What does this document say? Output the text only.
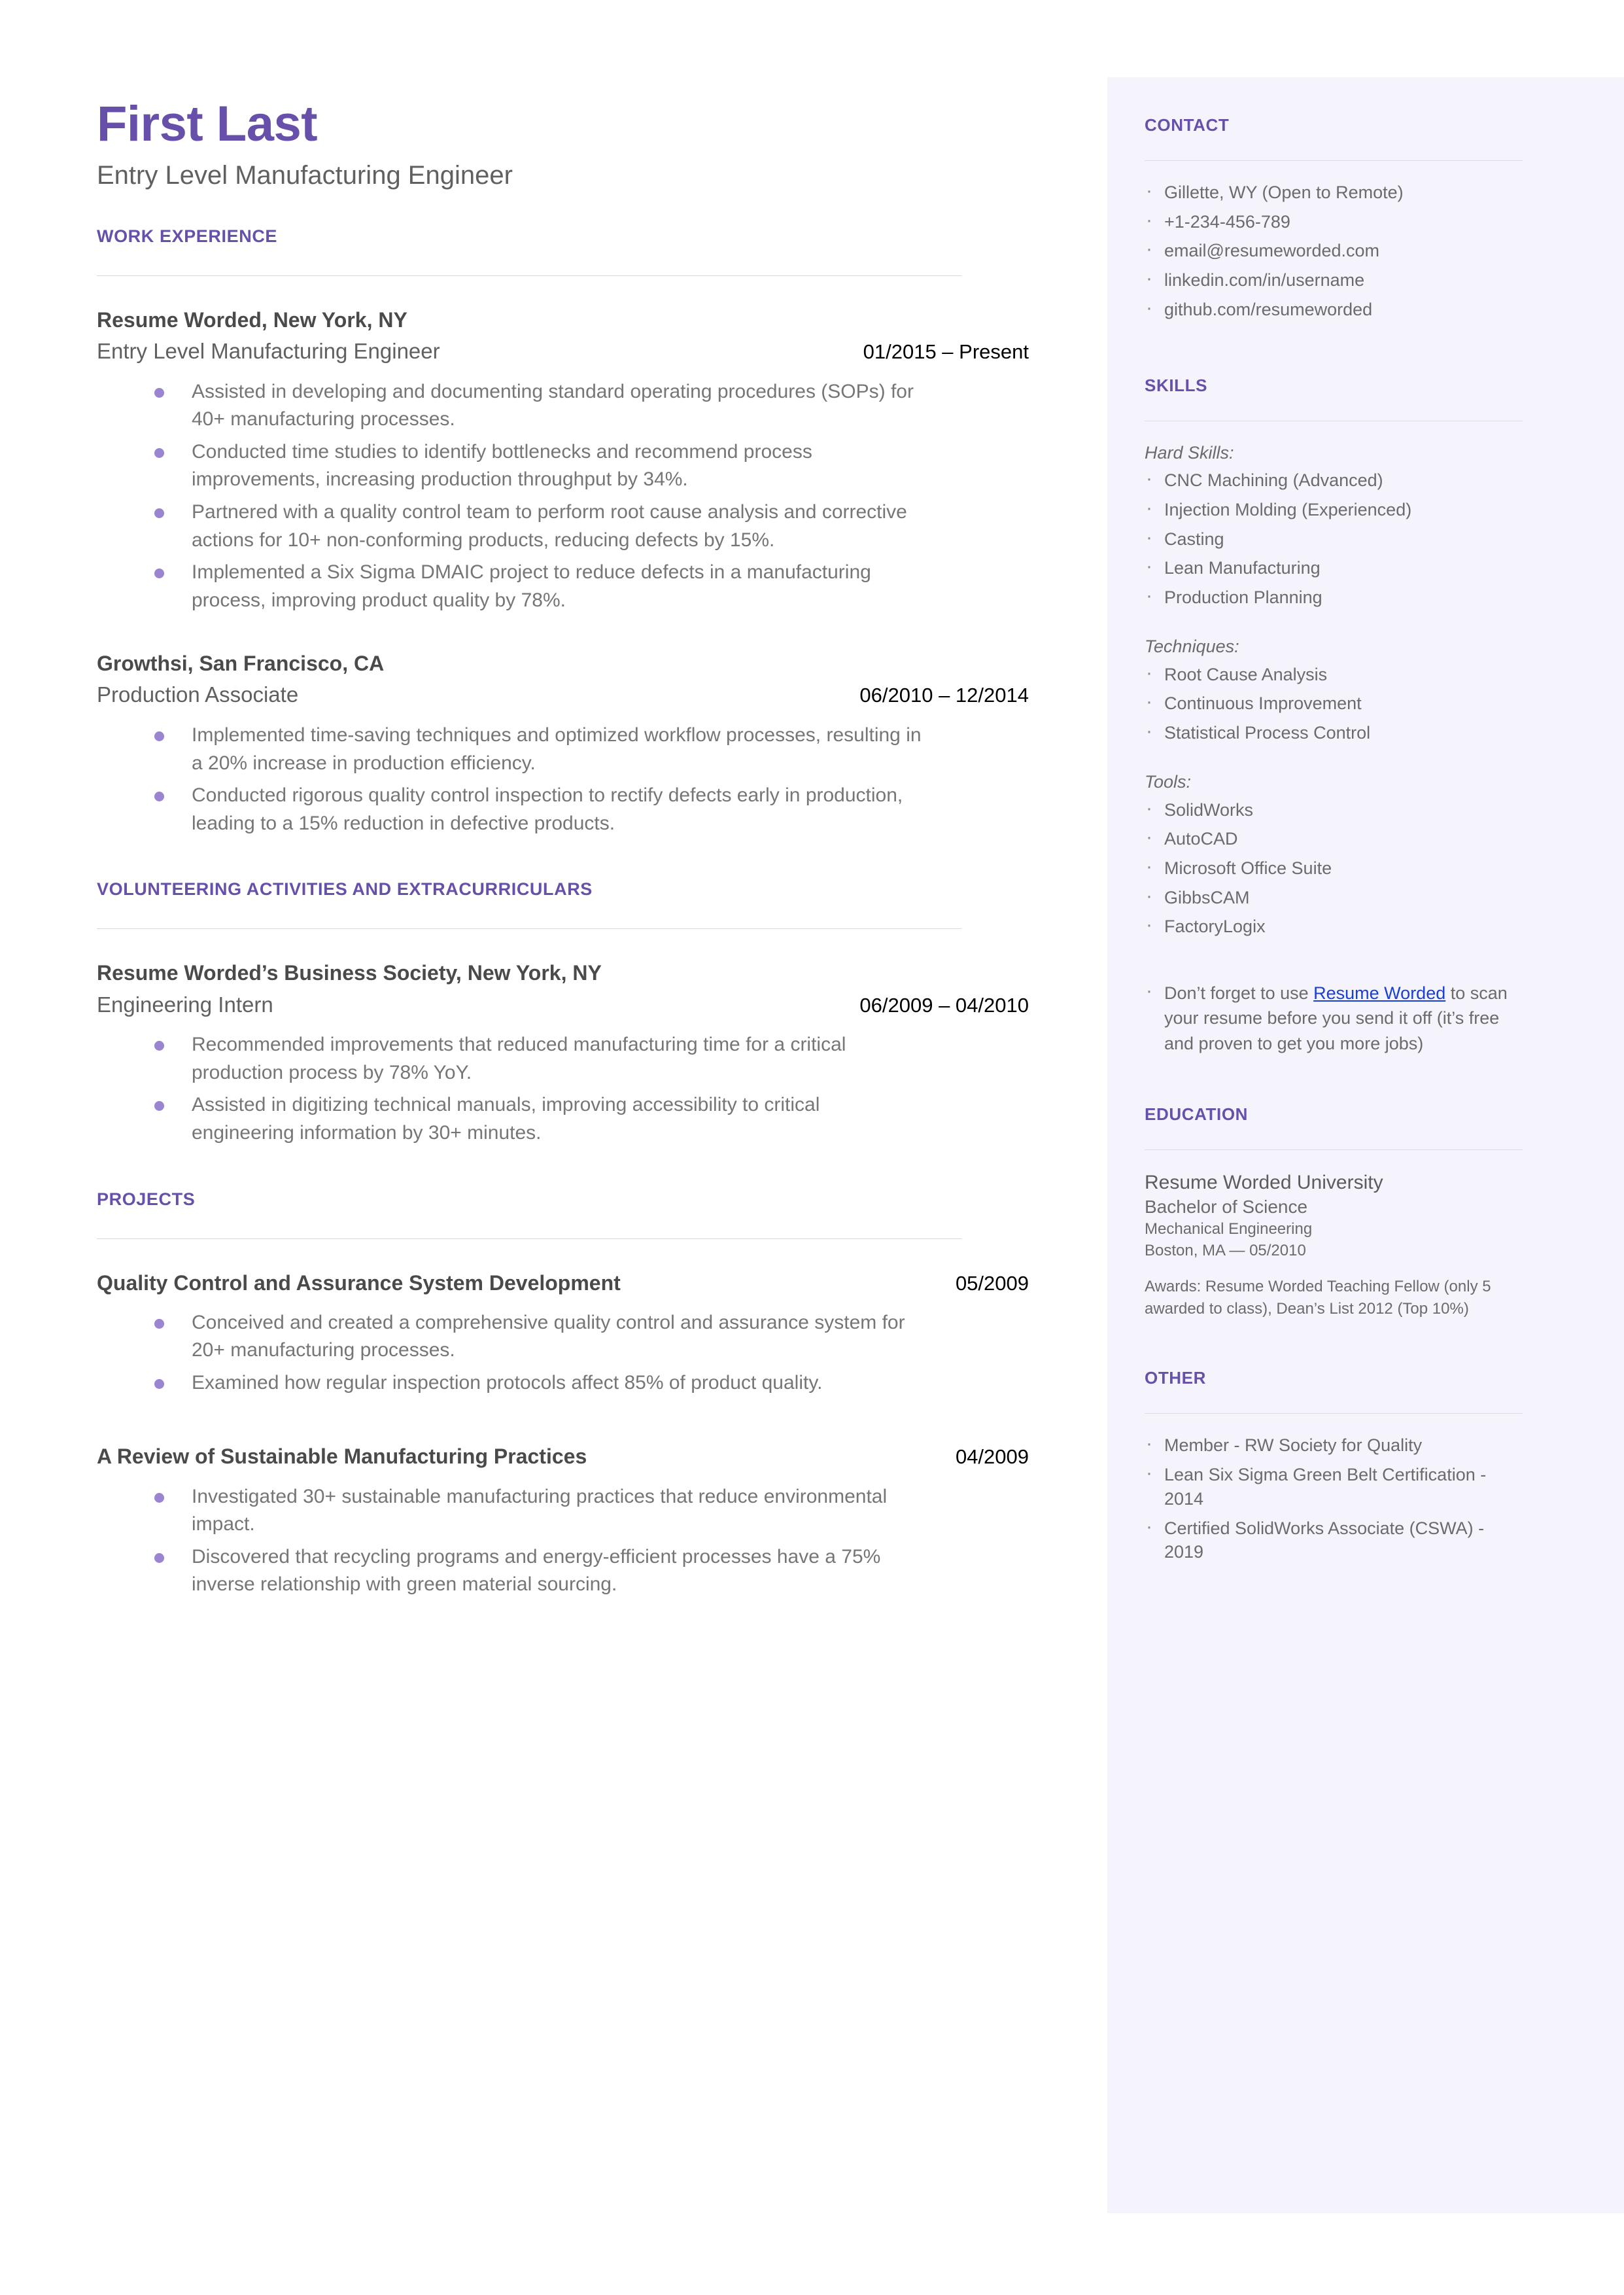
First Last
Entry Level Manufacturing Engineer
WORK EXPERIENCE
Resume Worded, New York, NY
Entry Level Manufacturing Engineer	01/2015 – Present
Assisted in developing and documenting standard operating procedures (SOPs) for 40+ manufacturing processes.
Conducted time studies to identify bottlenecks and recommend process improvements, increasing production throughput by 34%.
Partnered with a quality control team to perform root cause analysis and corrective actions for 10+ non-conforming products, reducing defects by 15%.
Implemented a Six Sigma DMAIC project to reduce defects in a manufacturing process, improving product quality by 78%.
Growthsi, San Francisco, CA
Production Associate	06/2010 – 12/2014
Implemented time-saving techniques and optimized workflow processes, resulting in a 20% increase in production efficiency.
Conducted rigorous quality control inspection to rectify defects early in production, leading to a 15% reduction in defective products.
VOLUNTEERING ACTIVITIES AND EXTRACURRICULARS
Resume Worded’s Business Society, New York, NY
Engineering Intern	06/2009 – 04/2010
Recommended improvements that reduced manufacturing time for a critical production process by 78% YoY.
Assisted in digitizing technical manuals, improving accessibility to critical engineering information by 30+ minutes.
PROJECTS
Quality Control and Assurance System Development	05/2009
Conceived and created a comprehensive quality control and assurance system for 20+ manufacturing processes.
Examined how regular inspection protocols affect 85% of product quality.
A Review of Sustainable Manufacturing Practices	04/2009
Investigated 30+ sustainable manufacturing practices that reduce environmental impact.
Discovered that recycling programs and energy-efficient processes have a 75% inverse relationship with green material sourcing.
CONTACT
· Gillette, WY (Open to Remote)
· +1-234-456-789
· email@resumeworded.com
· linkedin.com/in/username
· github.com/resumeworded
SKILLS
Hard Skills:
· CNC Machining (Advanced)
· Injection Molding (Experienced)
· Casting
· Lean Manufacturing
· Production Planning
Techniques:
· Root Cause Analysis
· Continuous Improvement
· Statistical Process Control
Tools:
· SolidWorks
· AutoCAD
· Microsoft Office Suite
· GibbsCAM
· FactoryLogix
· Don’t forget to use Resume Worded to scan your resume before you send it off (it’s free and proven to get you more jobs)
EDUCATION
Resume Worded University
Bachelor of Science
Mechanical Engineering
Boston, MA — 05/2010
Awards: Resume Worded Teaching Fellow (only 5 awarded to class), Dean’s List 2012 (Top 10%)
OTHER
· Member - RW Society for Quality
· Lean Six Sigma Green Belt Certification - 2014
· Certified SolidWorks Associate (CSWA) - 2019
